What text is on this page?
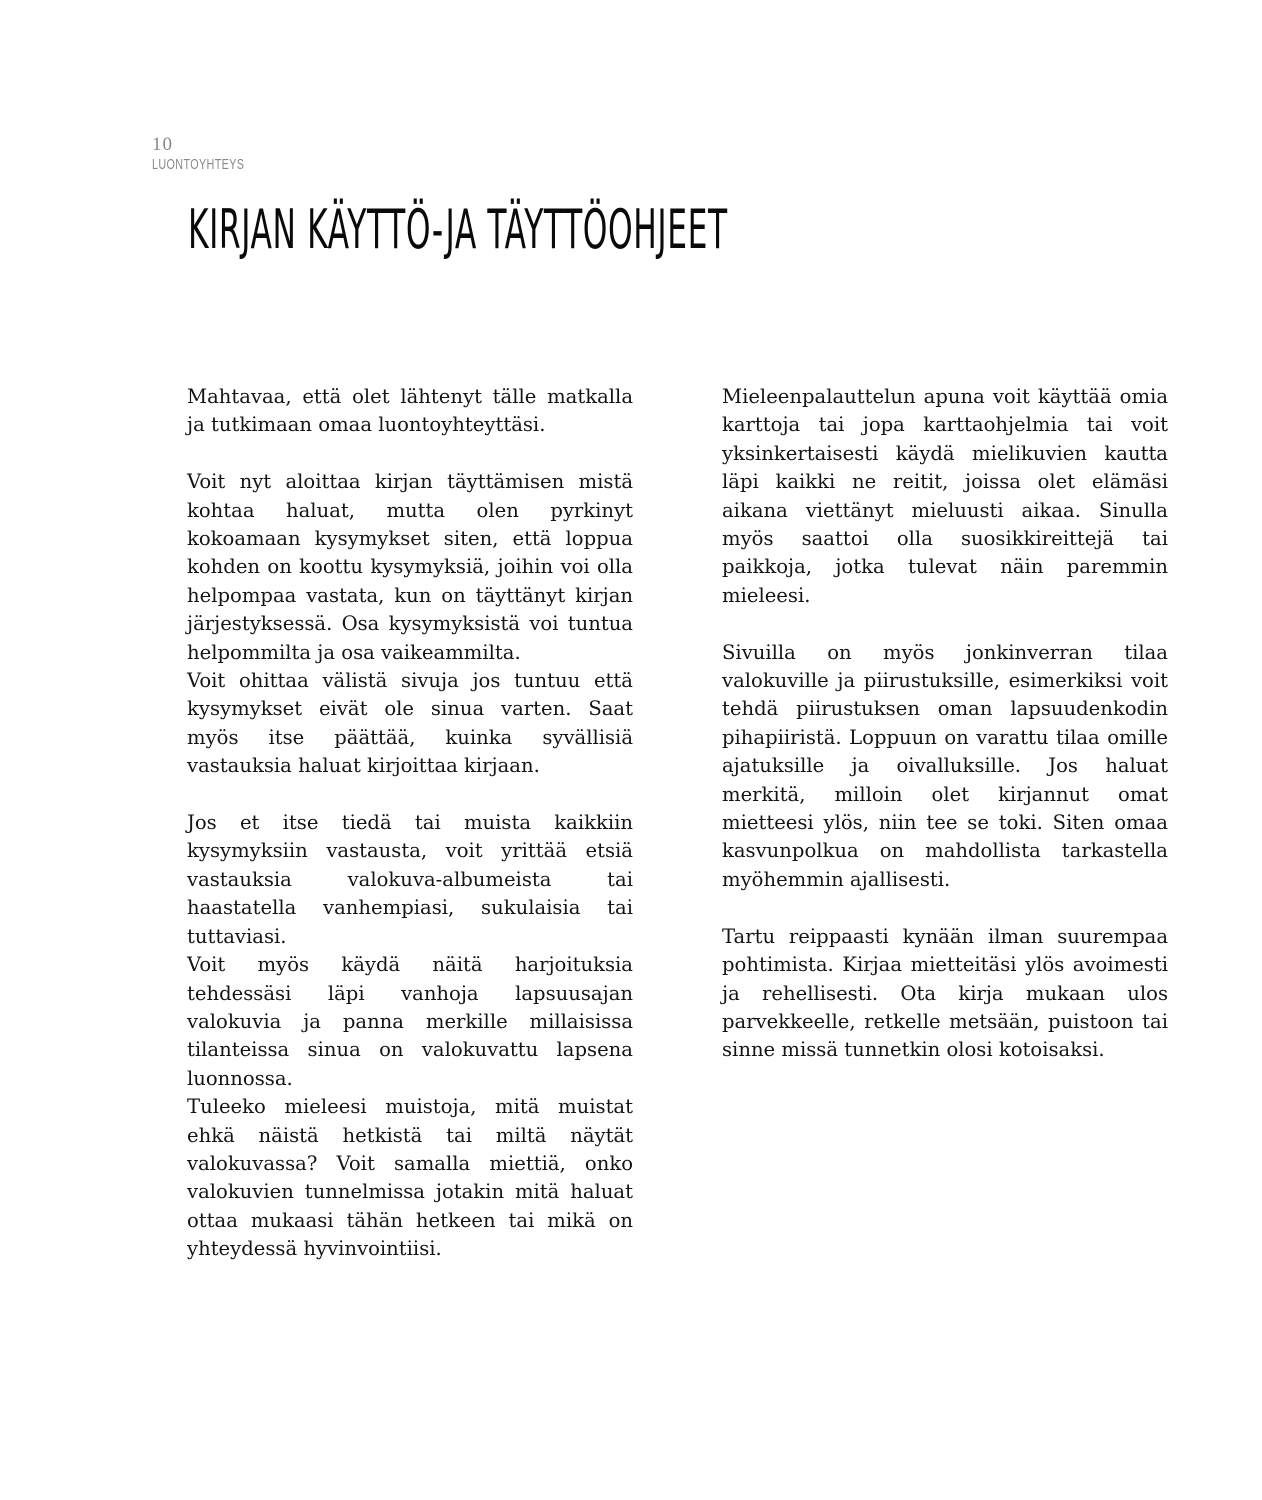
10
LUONTOYHTEYS
KIRJAN KÄYTTÖ-JA TÄYTTÖOHJEET

Mahtavaa, että olet lähtenyt tälle matkalla ja tutkimaan omaa luontoyhteyttäsi.

Voit nyt aloittaa kirjan täyttämisen mistä kohtaa haluat, mutta olen pyrkinyt kokoamaan kysymykset siten, että loppua kohden on koottu kysymyksiä, joihin voi olla helpompaa vastata, kun on täyttänyt kirjan järjestyksessä. Osa kysymyksistä voi tuntua helpommilta ja osa vaikeammilta.

Voit ohittaa välistä sivuja jos tuntuu että kysymykset eivät ole sinua varten. Saat myös itse päättää, kuinka syvällisiä vastauksia haluat kirjoittaa kirjaan.

Jos et itse tiedä tai muista kaikkiin kysymyksiin vastausta, voit yrittää etsiä vastauksia valokuva-albumeista tai haastatella vanhempiasi, sukulaisia tai tuttaviasi.

Voit myös käydä näitä harjoituksia tehdessäsi läpi vanhoja lapsuusajan valokuvia ja panna merkille millaisissa tilanteissa sinua on valokuvattu lapsena luonnossa.

Tuleeko mieleesi muistoja, mitä muistat ehkä näistä hetkistä tai miltä näytät valokuvassa? Voit samalla miettiä, onko valokuvien tunnelmissa jotakin mitä haluat ottaa mukaasi tähän hetkeen tai mikä on yhteydessä hyvinvointiisi.

Mieleenpalauttelun apuna voit käyttää omia karttoja tai jopa karttaohjelmia tai voit yksinkertaisesti käydä mielikuvien kautta läpi kaikki ne reitit, joissa olet elämäsi aikana viettänyt mieluusti aikaa. Sinulla myös saattoi olla suosikkireittejä tai paikkoja, jotka tulevat näin paremmin mieleesi.

Sivuilla on myös jonkinverran tilaa valokuville ja piirustuksille, esimerkiksi voit tehdä piirustuksen oman lapsuudenkodin pihapiiristä. Loppuun on varattu tilaa omille ajatuksille ja oivalluksille. Jos haluat merkitä, milloin olet kirjannut omat mietteesi ylös, niin tee se toki. Siten omaa kasvunpolkua on mahdollista tarkastella myöhemmin ajallisesti.

Tartu reippaasti kynään ilman suurempaa pohtimista. Kirjaa mietteitäsi ylös avoimesti ja rehellisesti. Ota kirja mukaan ulos parvekkeelle, retkelle metsään, puistoon tai sinne missä tunnetkin olosi kotoisaksi.
